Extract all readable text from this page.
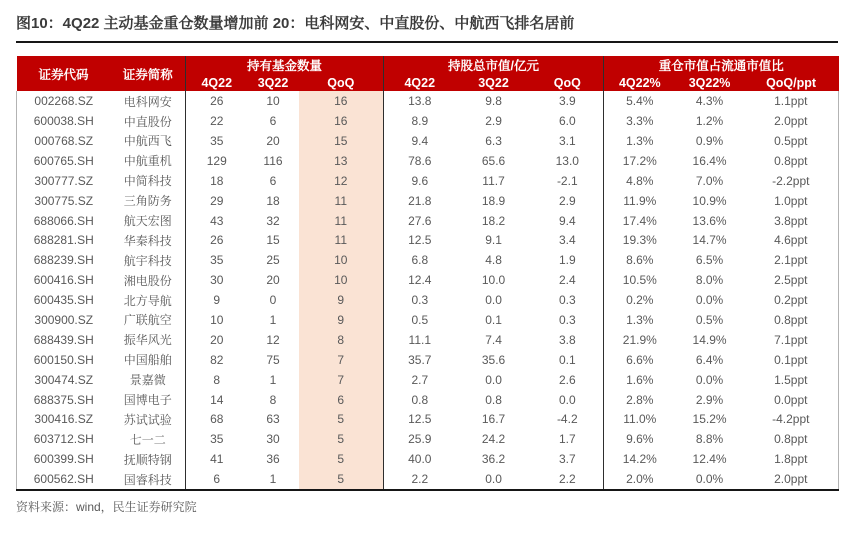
图10：4Q22 主动基金重仓数量增加前 20：电科网安、中直股份、中航西飞排名居前
证券代码	证券简称	持有基金数量			持股总市值/亿元			重仓市值占流通市值比		
		4Q22	3Q22	QoQ	4Q22	3Q22	QoQ	4Q22%	3Q22%	QoQ/ppt
002268.SZ	电科网安	26	10	16	13.8	9.8	3.9	5.4%	4.3%	1.1ppt
600038.SH	中直股份	22	6	16	8.9	2.9	6.0	3.3%	1.2%	2.0ppt
000768.SZ	中航西飞	35	20	15	9.4	6.3	3.1	1.3%	0.9%	0.5ppt
600765.SH	中航重机	129	116	13	78.6	65.6	13.0	17.2%	16.4%	0.8ppt
300777.SZ	中简科技	18	6	12	9.6	11.7	-2.1	4.8%	7.0%	-2.2ppt
300775.SZ	三角防务	29	18	11	21.8	18.9	2.9	11.9%	10.9%	1.0ppt
688066.SH	航天宏图	43	32	11	27.6	18.2	9.4	17.4%	13.6%	3.8ppt
688281.SH	华秦科技	26	15	11	12.5	9.1	3.4	19.3%	14.7%	4.6ppt
688239.SH	航宇科技	35	25	10	6.8	4.8	1.9	8.6%	6.5%	2.1ppt
600416.SH	湘电股份	30	20	10	12.4	10.0	2.4	10.5%	8.0%	2.5ppt
600435.SH	北方导航	9	0	9	0.3	0.0	0.3	0.2%	0.0%	0.2ppt
300900.SZ	广联航空	10	1	9	0.5	0.1	0.3	1.3%	0.5%	0.8ppt
688439.SH	振华风光	20	12	8	11.1	7.4	3.8	21.9%	14.9%	7.1ppt
600150.SH	中国船舶	82	75	7	35.7	35.6	0.1	6.6%	6.4%	0.1ppt
300474.SZ	景嘉微	8	1	7	2.7	0.0	2.6	1.6%	0.0%	1.5ppt
688375.SH	国博电子	14	8	6	0.8	0.8	0.0	2.8%	2.9%	0.0ppt
300416.SZ	苏试试验	68	63	5	12.5	16.7	-4.2	11.0%	15.2%	-4.2ppt
603712.SH	七一二	35	30	5	25.9	24.2	1.7	9.6%	8.8%	0.8ppt
600399.SH	抚顺特钢	41	36	5	40.0	36.2	3.7	14.2%	12.4%	1.8ppt
600562.SH	国睿科技	6	1	5	2.2	0.0	2.2	2.0%	0.0%	2.0ppt
资料来源：wind，民生证券研究院
